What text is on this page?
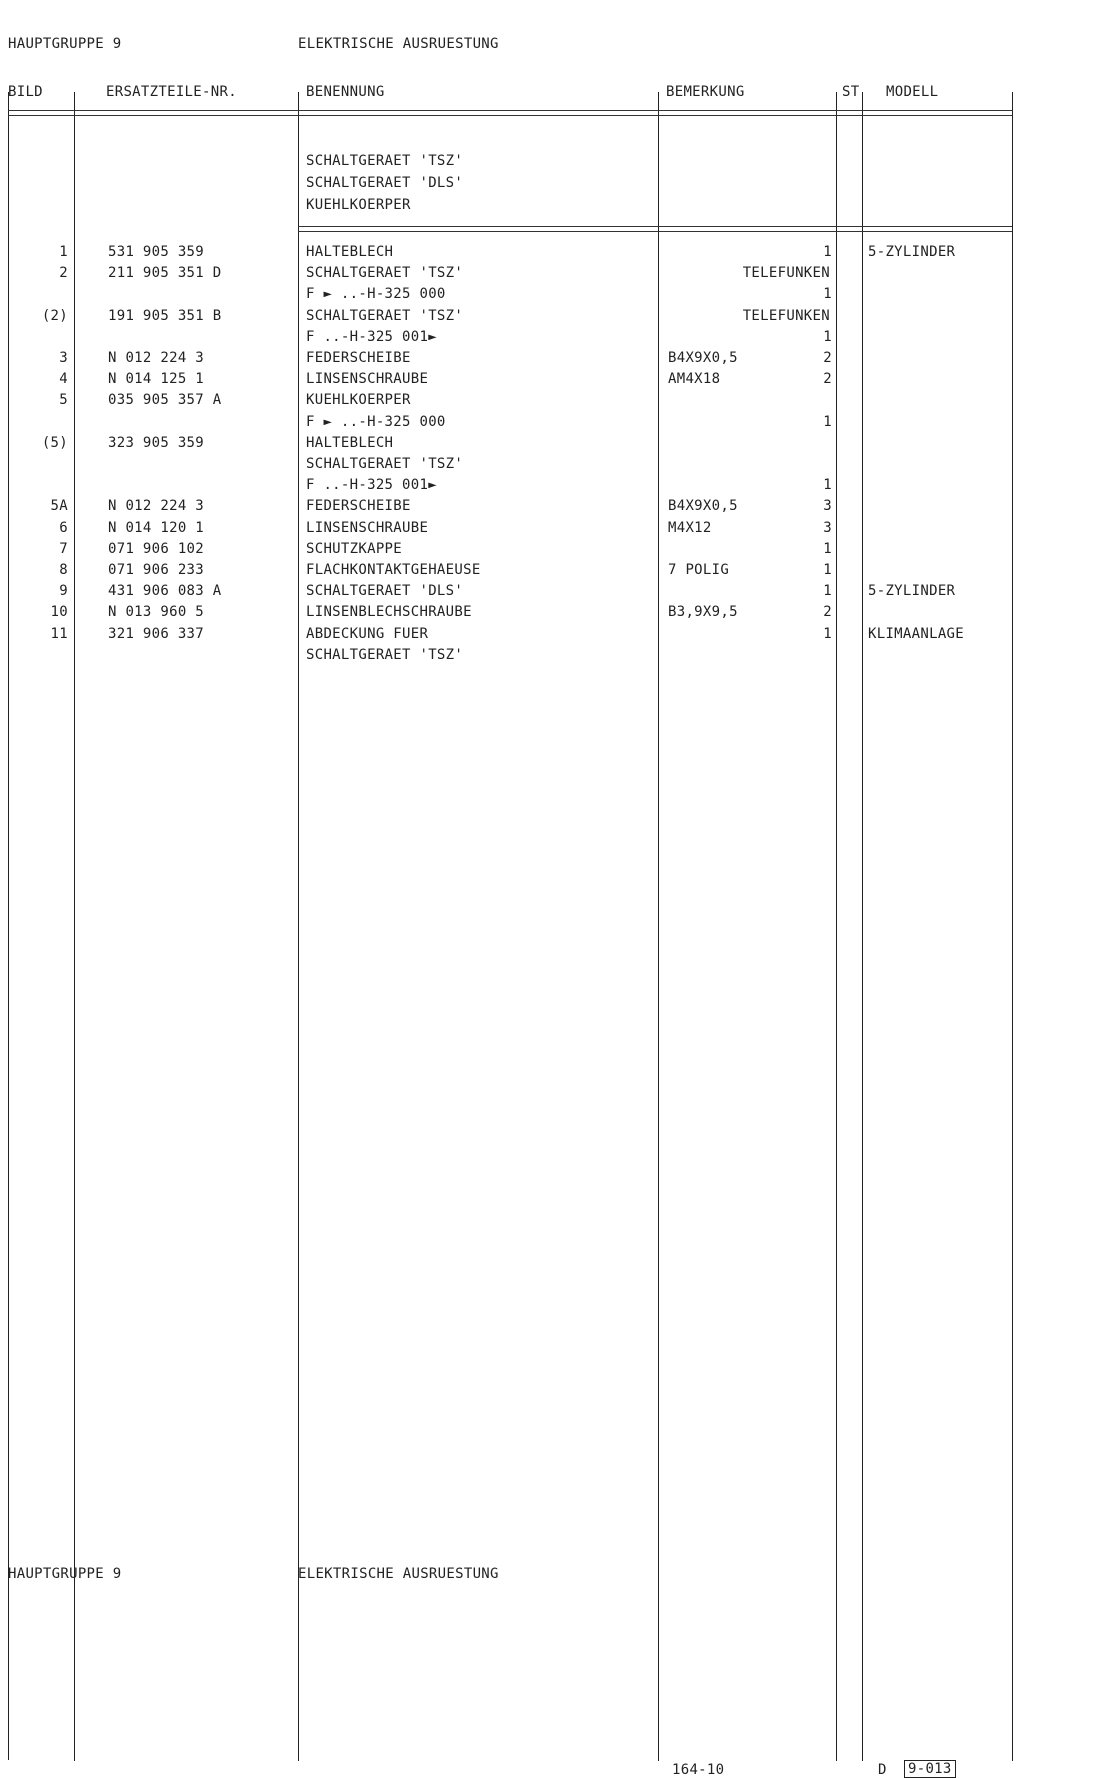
HAUPTGRUPPE 9	ELEKTRISCHE AUSRUESTUNG
BILD	ERSATZTEILE-NR.	BENENNUNG	BEMERKUNG	ST MODELL
SCHALTGERAET 'TSZ'
SCHALTGERAET 'DLS'
KUEHLKOERPER
1	531 905 359	HALTEBLECH	1	5-ZYLINDER
2	211 905 351 D	SCHALTGERAET 'TSZ'	TELEFUNKEN
F ► ..-H-325 000	1
(2)	191 905 351 B	SCHALTGERAET 'TSZ'	TELEFUNKEN
F ..-H-325 001►	1
3	N 012 224 3	FEDERSCHEIBE	B4X9X0,5	2
4	N 014 125 1	LINSENSCHRAUBE	AM4X18	2
5	035 905 357 A	KUEHLKOERPER
F ► ..-H-325 000	1
(5)	323 905 359	HALTEBLECH
SCHALTGERAET 'TSZ'
F ..-H-325 001►	1
5A	N 012 224 3	FEDERSCHEIBE	B4X9X0,5	3
6	N 014 120 1	LINSENSCHRAUBE	M4X12	3
7	071 906 102	SCHUTZKAPPE	1
8	071 906 233	FLACHKONTAKTGEHAEUSE	7 POLIG	1
9	431 906 083 A	SCHALTGERAET 'DLS'	1	5-ZYLINDER
10	N 013 960 5	LINSENBLECHSCHRAUBE	B3,9X9,5	2
11	321 906 337	ABDECKUNG FUER	1	KLIMAANLAGE
SCHALTGERAET 'TSZ'
164-10	D 9-013
HAUPTGRUPPE 9	ELEKTRISCHE AUSRUESTUNG
